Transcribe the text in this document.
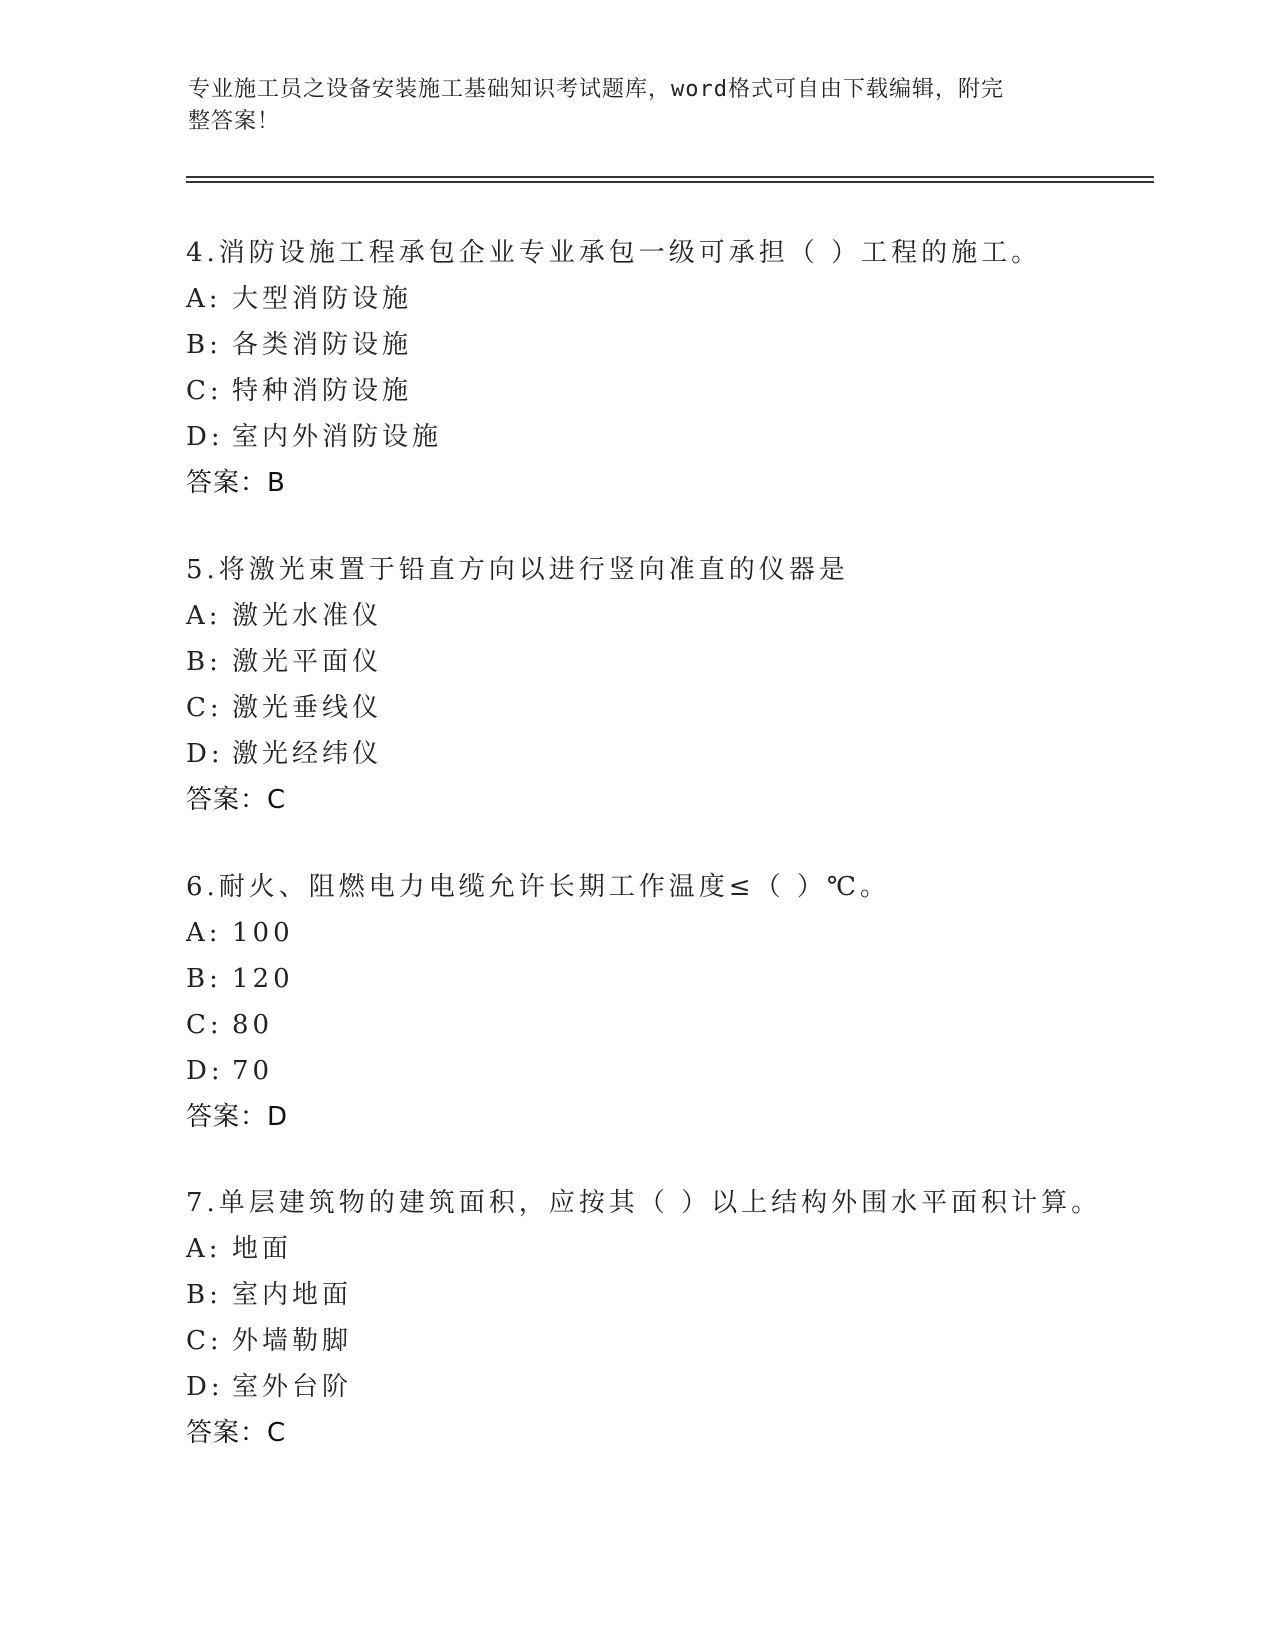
专业施工员之设备安装施工基础知识考试题库，word格式可自由下载编辑，附完
整答案！
4.消防设施工程承包企业专业承包一级可承担（ ）工程的施工。
A: 大型消防设施
B: 各类消防设施
C: 特种消防设施
D: 室内外消防设施
答案：B
5.将激光束置于铅直方向以进行竖向准直的仪器是
A: 激光水准仪
B: 激光平面仪
C: 激光垂线仪
D: 激光经纬仪
答案：C
6.耐火、阻燃电力电缆允许长期工作温度≤（ ）℃。
A: 100
B: 120
C: 80
D: 70
答案：D
7.单层建筑物的建筑面积，应按其（ ）以上结构外围水平面积计算。
A: 地面
B: 室内地面
C: 外墙勒脚
D: 室外台阶
答案：C
